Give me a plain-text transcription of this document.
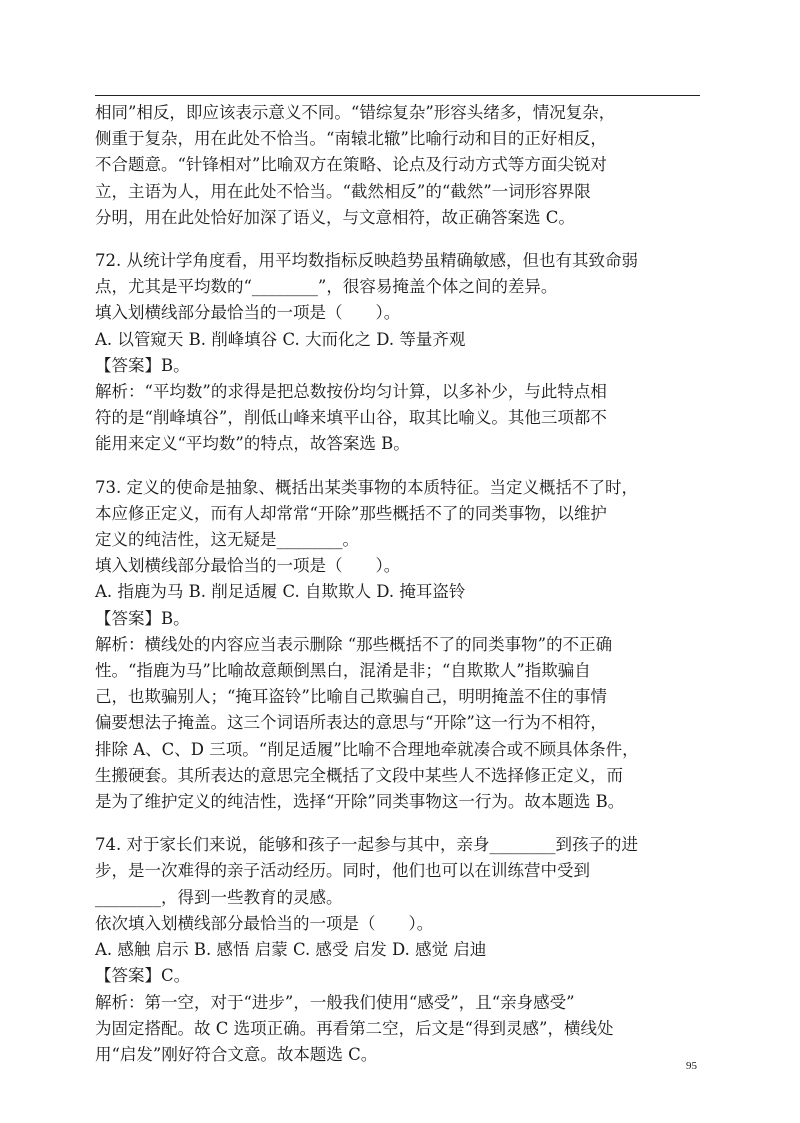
相同”相反，即应该表示意义不同。“错综复杂”形容头绪多，情况复杂，
侧重于复杂，用在此处不恰当。“南辕北辙”比喻行动和目的正好相反，
不合题意。“针锋相对”比喻双方在策略、论点及行动方式等方面尖锐对
立，主语为人，用在此处不恰当。“截然相反”的“截然”一词形容界限
分明，用在此处恰好加深了语义，与文意相符，故正确答案选 C。
72. 从统计学角度看，用平均数指标反映趋势虽精确敏感，但也有其致命弱
点，尤其是平均数的“________”，很容易掩盖个体之间的差异。
填入划横线部分最恰当的一项是（　　）。
A. 以管窥天 B. 削峰填谷 C. 大而化之 D. 等量齐观
【答案】B。
解析：“平均数”的求得是把总数按份均匀计算，以多补少，与此特点相
符的是“削峰填谷”，削低山峰来填平山谷，取其比喻义。其他三项都不
能用来定义“平均数”的特点，故答案选 B。
73. 定义的使命是抽象、概括出某类事物的本质特征。当定义概括不了时，
本应修正定义，而有人却常常“开除”那些概括不了的同类事物，以维护
定义的纯洁性，这无疑是________。
填入划横线部分最恰当的一项是（　　）。
A. 指鹿为马 B. 削足适履 C. 自欺欺人 D. 掩耳盗铃
【答案】B。
解析：横线处的内容应当表示删除 “那些概括不了的同类事物”的不正确
性。“指鹿为马”比喻故意颠倒黑白，混淆是非；“自欺欺人”指欺骗自
己，也欺骗别人；“掩耳盗铃”比喻自己欺骗自己，明明掩盖不住的事情
偏要想法子掩盖。这三个词语所表达的意思与“开除”这一行为不相符，
排除 A、C、D 三项。“削足适履”比喻不合理地牵就凑合或不顾具体条件，
生搬硬套。其所表达的意思完全概括了文段中某些人不选择修正定义，而
是为了维护定义的纯洁性，选择“开除”同类事物这一行为。故本题选 B。
74. 对于家长们来说，能够和孩子一起参与其中，亲身________到孩子的进
步，是一次难得的亲子活动经历。同时，他们也可以在训练营中受到
________，得到一些教育的灵感。
依次填入划横线部分最恰当的一项是（　　）。
A. 感触 启示 B. 感悟 启蒙 C. 感受 启发 D. 感觉 启迪
【答案】C。
解析：第一空，对于“进步”，一般我们使用“感受”，且“亲身感受”
为固定搭配。故 C 选项正确。再看第二空，后文是“得到灵感”，横线处
用“启发”刚好符合文意。故本题选 C。
95
